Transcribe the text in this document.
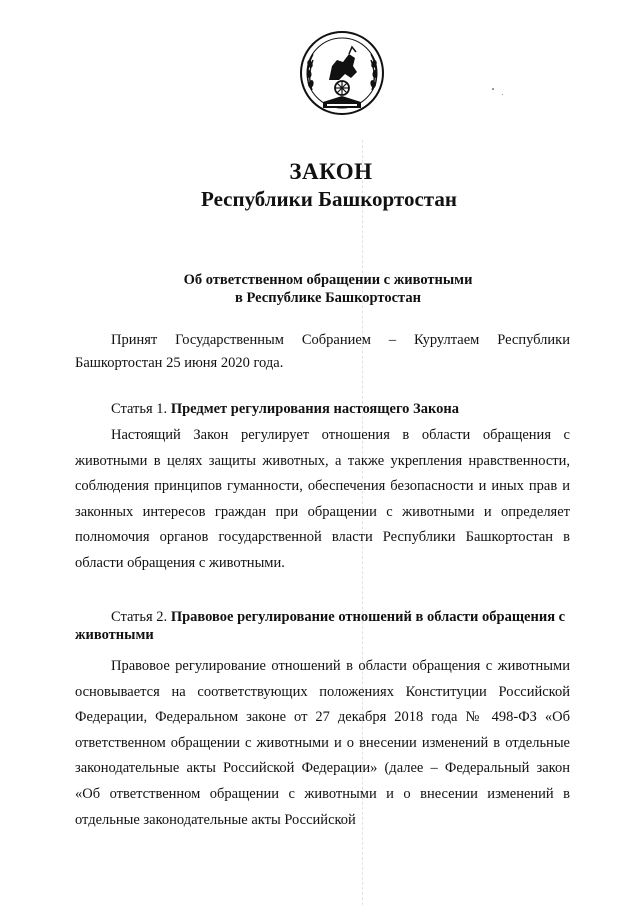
ЗАКОН
Республики Башкортостан

Об ответственном обращении с животными

в Республике Башкортостан

Принят Государственным Собранием – Курултаем Республики Башкортостан 25 июня 2020 года.

Статья 1. Предмет регулирования настоящего Закона

Настоящий Закон регулирует отношения в области обращения с животными в целях защиты животных, а также укрепления нравственности, соблюдения принципов гуманности, обеспечения безопасности и иных прав и законных интересов граждан при обращении с животными и определяет полномочия органов государственной власти Республики Башкортостан в области обращения с животными.

Статья 2. Правовое регулирование отношений в области обращения с животными

Правовое регулирование отношений в области обращения с животными основывается на соответствующих положениях Конституции Российской Федерации, Федеральном законе от 27 декабря 2018 года № 498-ФЗ «Об ответственном обращении с животными и о внесении изменений в отдельные законодательные акты Российской Федерации» (далее – Федеральный закон «Об ответственном обращении с животными и о внесении изменений в отдельные законодательные акты Российской
